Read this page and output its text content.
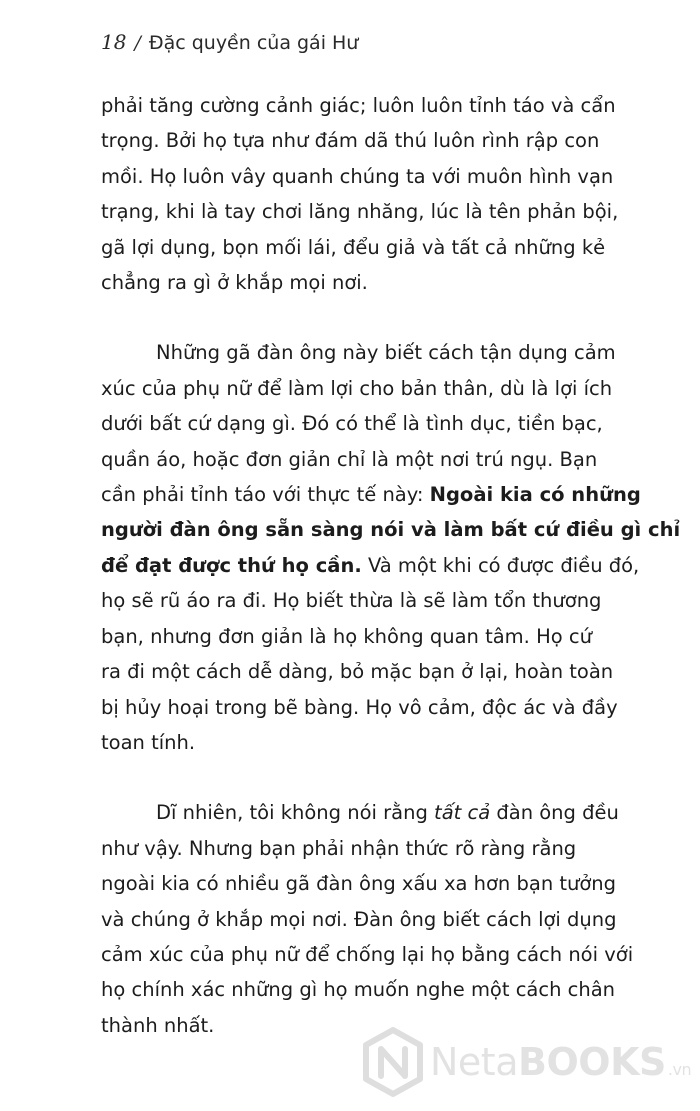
18 / Đặc quyền của gái Hư

phải tăng cường cảnh giác; luôn luôn tỉnh táo và cẩn
trọng. Bởi họ tựa như đám dã thú luôn rình rập con
mồi. Họ luôn vây quanh chúng ta với muôn hình vạn
trạng, khi là tay chơi lăng nhăng, lúc là tên phản bội,
gã lợi dụng, bọn mối lái, đểu giả và tất cả những kẻ
chẳng ra gì ở khắp mọi nơi.

Những gã đàn ông này biết cách tận dụng cảm
xúc của phụ nữ để làm lợi cho bản thân, dù là lợi ích
dưới bất cứ dạng gì. Đó có thể là tình dục, tiền bạc,
quần áo, hoặc đơn giản chỉ là một nơi trú ngụ. Bạn
cần phải tỉnh táo với thực tế này: Ngoài kia có những
người đàn ông sẵn sàng nói và làm bất cứ điều gì chỉ
để đạt được thứ họ cần. Và một khi có được điều đó,
họ sẽ rũ áo ra đi. Họ biết thừa là sẽ làm tổn thương
bạn, nhưng đơn giản là họ không quan tâm. Họ cứ
ra đi một cách dễ dàng, bỏ mặc bạn ở lại, hoàn toàn
bị hủy hoại trong bẽ bàng. Họ vô cảm, độc ác và đầy
toan tính.

Dĩ nhiên, tôi không nói rằng tất cả đàn ông đều
như vậy. Nhưng bạn phải nhận thức rõ ràng rằng
ngoài kia có nhiều gã đàn ông xấu xa hơn bạn tưởng
và chúng ở khắp mọi nơi. Đàn ông biết cách lợi dụng
cảm xúc của phụ nữ để chống lại họ bằng cách nói với
họ chính xác những gì họ muốn nghe một cách chân
thành nhất.

NetaBOOKS .vn
